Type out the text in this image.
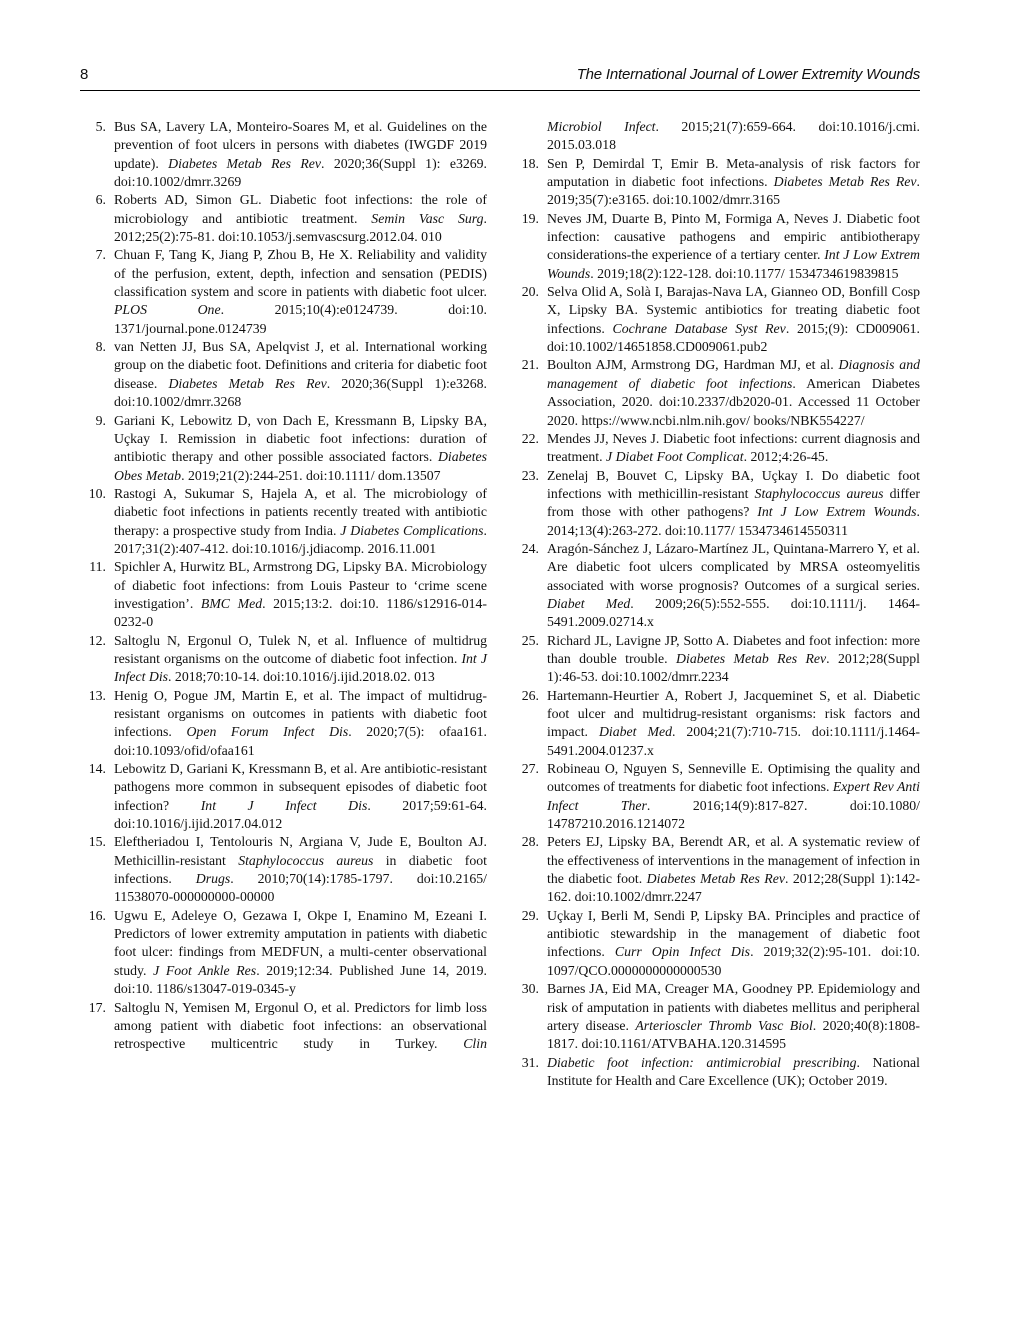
8	The International Journal of Lower Extremity Wounds
5. Bus SA, Lavery LA, Monteiro-Soares M, et al. Guidelines on the prevention of foot ulcers in persons with diabetes (IWGDF 2019 update). Diabetes Metab Res Rev. 2020;36(Suppl 1): e3269. doi:10.1002/dmrr.3269
6. Roberts AD, Simon GL. Diabetic foot infections: the role of microbiology and antibiotic treatment. Semin Vasc Surg. 2012;25(2):75-81. doi:10.1053/j.semvascsurg.2012.04. 010
7. Chuan F, Tang K, Jiang P, Zhou B, He X. Reliability and validity of the perfusion, extent, depth, infection and sensation (PEDIS) classification system and score in patients with diabetic foot ulcer. PLOS One. 2015;10(4):e0124739. doi:10. 1371/journal.pone.0124739
8. van Netten JJ, Bus SA, Apelqvist J, et al. International working group on the diabetic foot. Definitions and criteria for diabetic foot disease. Diabetes Metab Res Rev. 2020;36(Suppl 1):e3268. doi:10.1002/dmrr.3268
9. Gariani K, Lebowitz D, von Dach E, Kressmann B, Lipsky BA, Uçkay I. Remission in diabetic foot infections: duration of antibiotic therapy and other possible associated factors. Diabetes Obes Metab. 2019;21(2):244-251. doi:10.1111/ dom.13507
10. Rastogi A, Sukumar S, Hajela A, et al. The microbiology of diabetic foot infections in patients recently treated with antibiotic therapy: a prospective study from India. J Diabetes Complications. 2017;31(2):407-412. doi:10.1016/j.jdiacomp. 2016.11.001
11. Spichler A, Hurwitz BL, Armstrong DG, Lipsky BA. Microbiology of diabetic foot infections: from Louis Pasteur to ‘crime scene investigation’. BMC Med. 2015;13:2. doi:10. 1186/s12916-014-0232-0
12. Saltoglu N, Ergonul O, Tulek N, et al. Influence of multidrug resistant organisms on the outcome of diabetic foot infection. Int J Infect Dis. 2018;70:10-14. doi:10.1016/j.ijid.2018.02. 013
13. Henig O, Pogue JM, Martin E, et al. The impact of multidrug-resistant organisms on outcomes in patients with diabetic foot infections. Open Forum Infect Dis. 2020;7(5): ofaa161. doi:10.1093/ofid/ofaa161
14. Lebowitz D, Gariani K, Kressmann B, et al. Are antibiotic-resistant pathogens more common in subsequent episodes of diabetic foot infection? Int J Infect Dis. 2017;59:61-64. doi:10.1016/j.ijid.2017.04.012
15. Eleftheriadou I, Tentolouris N, Argiana V, Jude E, Boulton AJ. Methicillin-resistant Staphylococcus aureus in diabetic foot infections. Drugs. 2010;70(14):1785-1797. doi:10.2165/ 11538070-000000000-00000
16. Ugwu E, Adeleye O, Gezawa I, Okpe I, Enamino M, Ezeani I. Predictors of lower extremity amputation in patients with diabetic foot ulcer: findings from MEDFUN, a multi-center observational study. J Foot Ankle Res. 2019;12:34. Published June 14, 2019. doi:10. 1186/s13047-019-0345-y
17. Saltoglu N, Yemisen M, Ergonul O, et al. Predictors for limb loss among patient with diabetic foot infections: an observational retrospective multicentric study in Turkey. Clin
Microbiol Infect. 2015;21(7):659-664. doi:10.1016/j.cmi. 2015.03.018
18. Sen P, Demirdal T, Emir B. Meta-analysis of risk factors for amputation in diabetic foot infections. Diabetes Metab Res Rev. 2019;35(7):e3165. doi:10.1002/dmrr.3165
19. Neves JM, Duarte B, Pinto M, Formiga A, Neves J. Diabetic foot infection: causative pathogens and empiric antibiotherapy considerations-the experience of a tertiary center. Int J Low Extrem Wounds. 2019;18(2):122-128. doi:10.1177/ 1534734619839815
20. Selva Olid A, Solà I, Barajas-Nava LA, Gianneo OD, Bonfill Cosp X, Lipsky BA. Systemic antibiotics for treating diabetic foot infections. Cochrane Database Syst Rev. 2015;(9): CD009061. doi:10.1002/14651858.CD009061.pub2
21. Boulton AJM, Armstrong DG, Hardman MJ, et al. Diagnosis and management of diabetic foot infections. American Diabetes Association, 2020. doi:10.2337/db2020-01. Accessed 11 October 2020. https://www.ncbi.nlm.nih.gov/ books/NBK554227/
22. Mendes JJ, Neves J. Diabetic foot infections: current diagnosis and treatment. J Diabet Foot Complicat. 2012;4:26-45.
23. Zenelaj B, Bouvet C, Lipsky BA, Uçkay I. Do diabetic foot infections with methicillin-resistant Staphylococcus aureus differ from those with other pathogens? Int J Low Extrem Wounds. 2014;13(4):263-272. doi:10.1177/ 1534734614550311
24. Aragón-Sánchez J, Lázaro-Martínez JL, Quintana-Marrero Y, et al. Are diabetic foot ulcers complicated by MRSA osteomyelitis associated with worse prognosis? Outcomes of a surgical series. Diabet Med. 2009;26(5):552-555. doi:10.1111/j. 1464-5491.2009.02714.x
25. Richard JL, Lavigne JP, Sotto A. Diabetes and foot infection: more than double trouble. Diabetes Metab Res Rev. 2012;28(Suppl 1):46-53. doi:10.1002/dmrr.2234
26. Hartemann-Heurtier A, Robert J, Jacqueminet S, et al. Diabetic foot ulcer and multidrug-resistant organisms: risk factors and impact. Diabet Med. 2004;21(7):710-715. doi:10.1111/j.1464-5491.2004.01237.x
27. Robineau O, Nguyen S, Senneville E. Optimising the quality and outcomes of treatments for diabetic foot infections. Expert Rev Anti Infect Ther. 2016;14(9):817-827. doi:10.1080/ 14787210.2016.1214072
28. Peters EJ, Lipsky BA, Berendt AR, et al. A systematic review of the effectiveness of interventions in the management of infection in the diabetic foot. Diabetes Metab Res Rev. 2012;28(Suppl 1):142-162. doi:10.1002/dmrr.2247
29. Uçkay I, Berli M, Sendi P, Lipsky BA. Principles and practice of antibiotic stewardship in the management of diabetic foot infections. Curr Opin Infect Dis. 2019;32(2):95-101. doi:10. 1097/QCO.0000000000000530
30. Barnes JA, Eid MA, Creager MA, Goodney PP. Epidemiology and risk of amputation in patients with diabetes mellitus and peripheral artery disease. Arterioscler Thromb Vasc Biol. 2020;40(8):1808-1817. doi:10.1161/ATVBAHA.120.314595
31. Diabetic foot infection: antimicrobial prescribing. National Institute for Health and Care Excellence (UK); October 2019.
